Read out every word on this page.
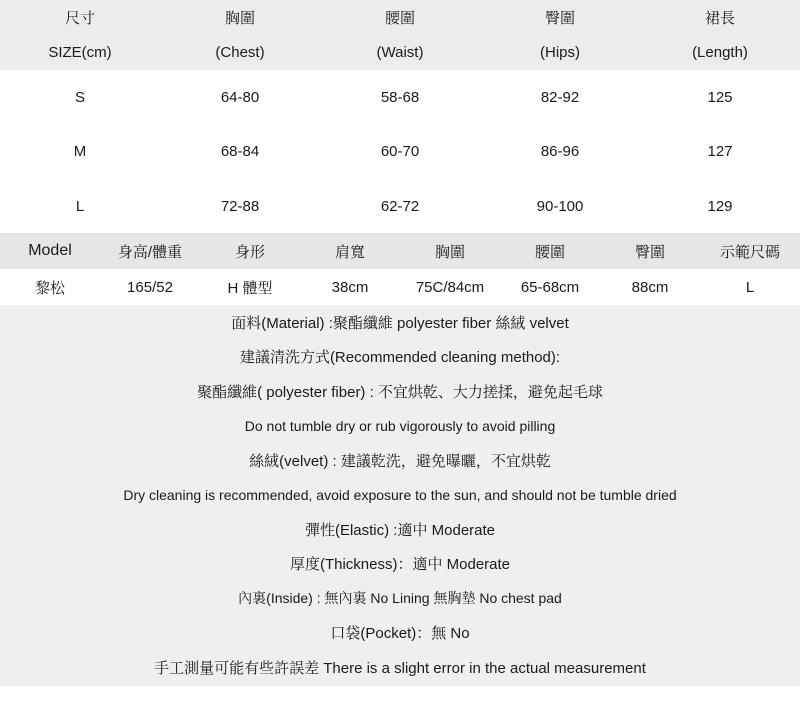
尺寸	胸圍	腰圍	臀圍	裙長
SIZE(cm)	(Chest)	(Waist)	(Hips)	(Length)
S	64-80	58-68	82-92	125
M	68-84	60-70	86-96	127
L	72-88	62-72	90-100	129
Model	身高/體重	身形	肩寬	胸圍	腰圍	臀圍	示範尺碼
黎松	165/52	H 體型	38cm	75C/84cm	65-68cm	88cm	L
面料(Material) :聚酯纖維 polyester fiber 絲絨 velvet
建議清洗方式(Recommended cleaning method):
聚酯纖維( polyester fiber) : 不宜烘乾、大力搓揉，避免起毛球
Do not tumble dry or rub vigorously to avoid pilling
絲絨(velvet) : 建議乾洗，避免曝曬，不宜烘乾
Dry cleaning is recommended, avoid exposure to the sun, and should not be tumble dried
彈性(Elastic) :適中 Moderate
厚度(Thickness)：適中 Moderate
內裏(Inside) : 無內裏 No Lining 無胸墊 No chest pad
口袋(Pocket)：無 No
手工測量可能有些許誤差 There is a slight error in the actual measurement
